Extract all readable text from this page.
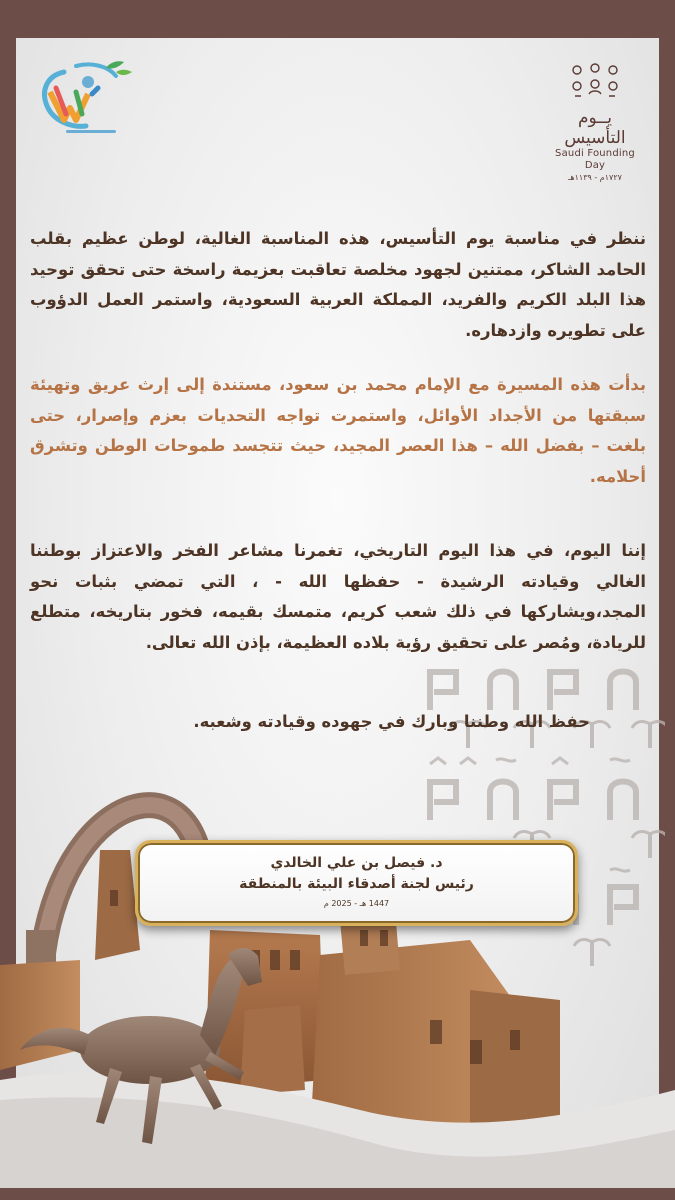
يــوم التأسيس
Saudi Founding Day
١٧٢٧م - ١١٣٩هـ
ننظر في مناسبة يوم التأسيس، هذه المناسبة الغالية، لوطن عظيم بقلب الحامد الشاكر، ممتنين لجهود مخلصة تعاقبت بعزيمة راسخة حتى تحقق توحيد هذا البلد الكريم والفريد، المملكة العربية السعودية، واستمر العمل الدؤوب على تطويره وازدهاره.
بدأت هذه المسيرة مع الإمام محمد بن سعود، مستندة إلى إرث عريق وتهيئة سبقتها من الأجداد الأوائل، واستمرت تواجه التحديات بعزم وإصرار، حتى بلغت – بفضل الله – هذا العصر المجيد، حيث تتجسد طموحات الوطن وتشرق أحلامه.
إننا اليوم، في هذا اليوم التاريخي، تغمرنا مشاعر الفخر والاعتزاز بوطننا الغالي وقيادته الرشيدة - حفظها الله - ، التي تمضي بثبات نحو المجد،ويشاركها في ذلك شعب كريم، متمسك بقيمه، فخور بتاريخه، متطلع للريادة، ومُصر على تحقيق رؤية بلاده العظيمة، بإذن الله تعالى.
حفظ الله وطننا وبارك في جهوده وقيادته وشعبه.
د. فيصل بن علي الخالدي
رئيس لجنة أصدقاء البيئة بالمنطقة
1447 هـ - 2025 م
